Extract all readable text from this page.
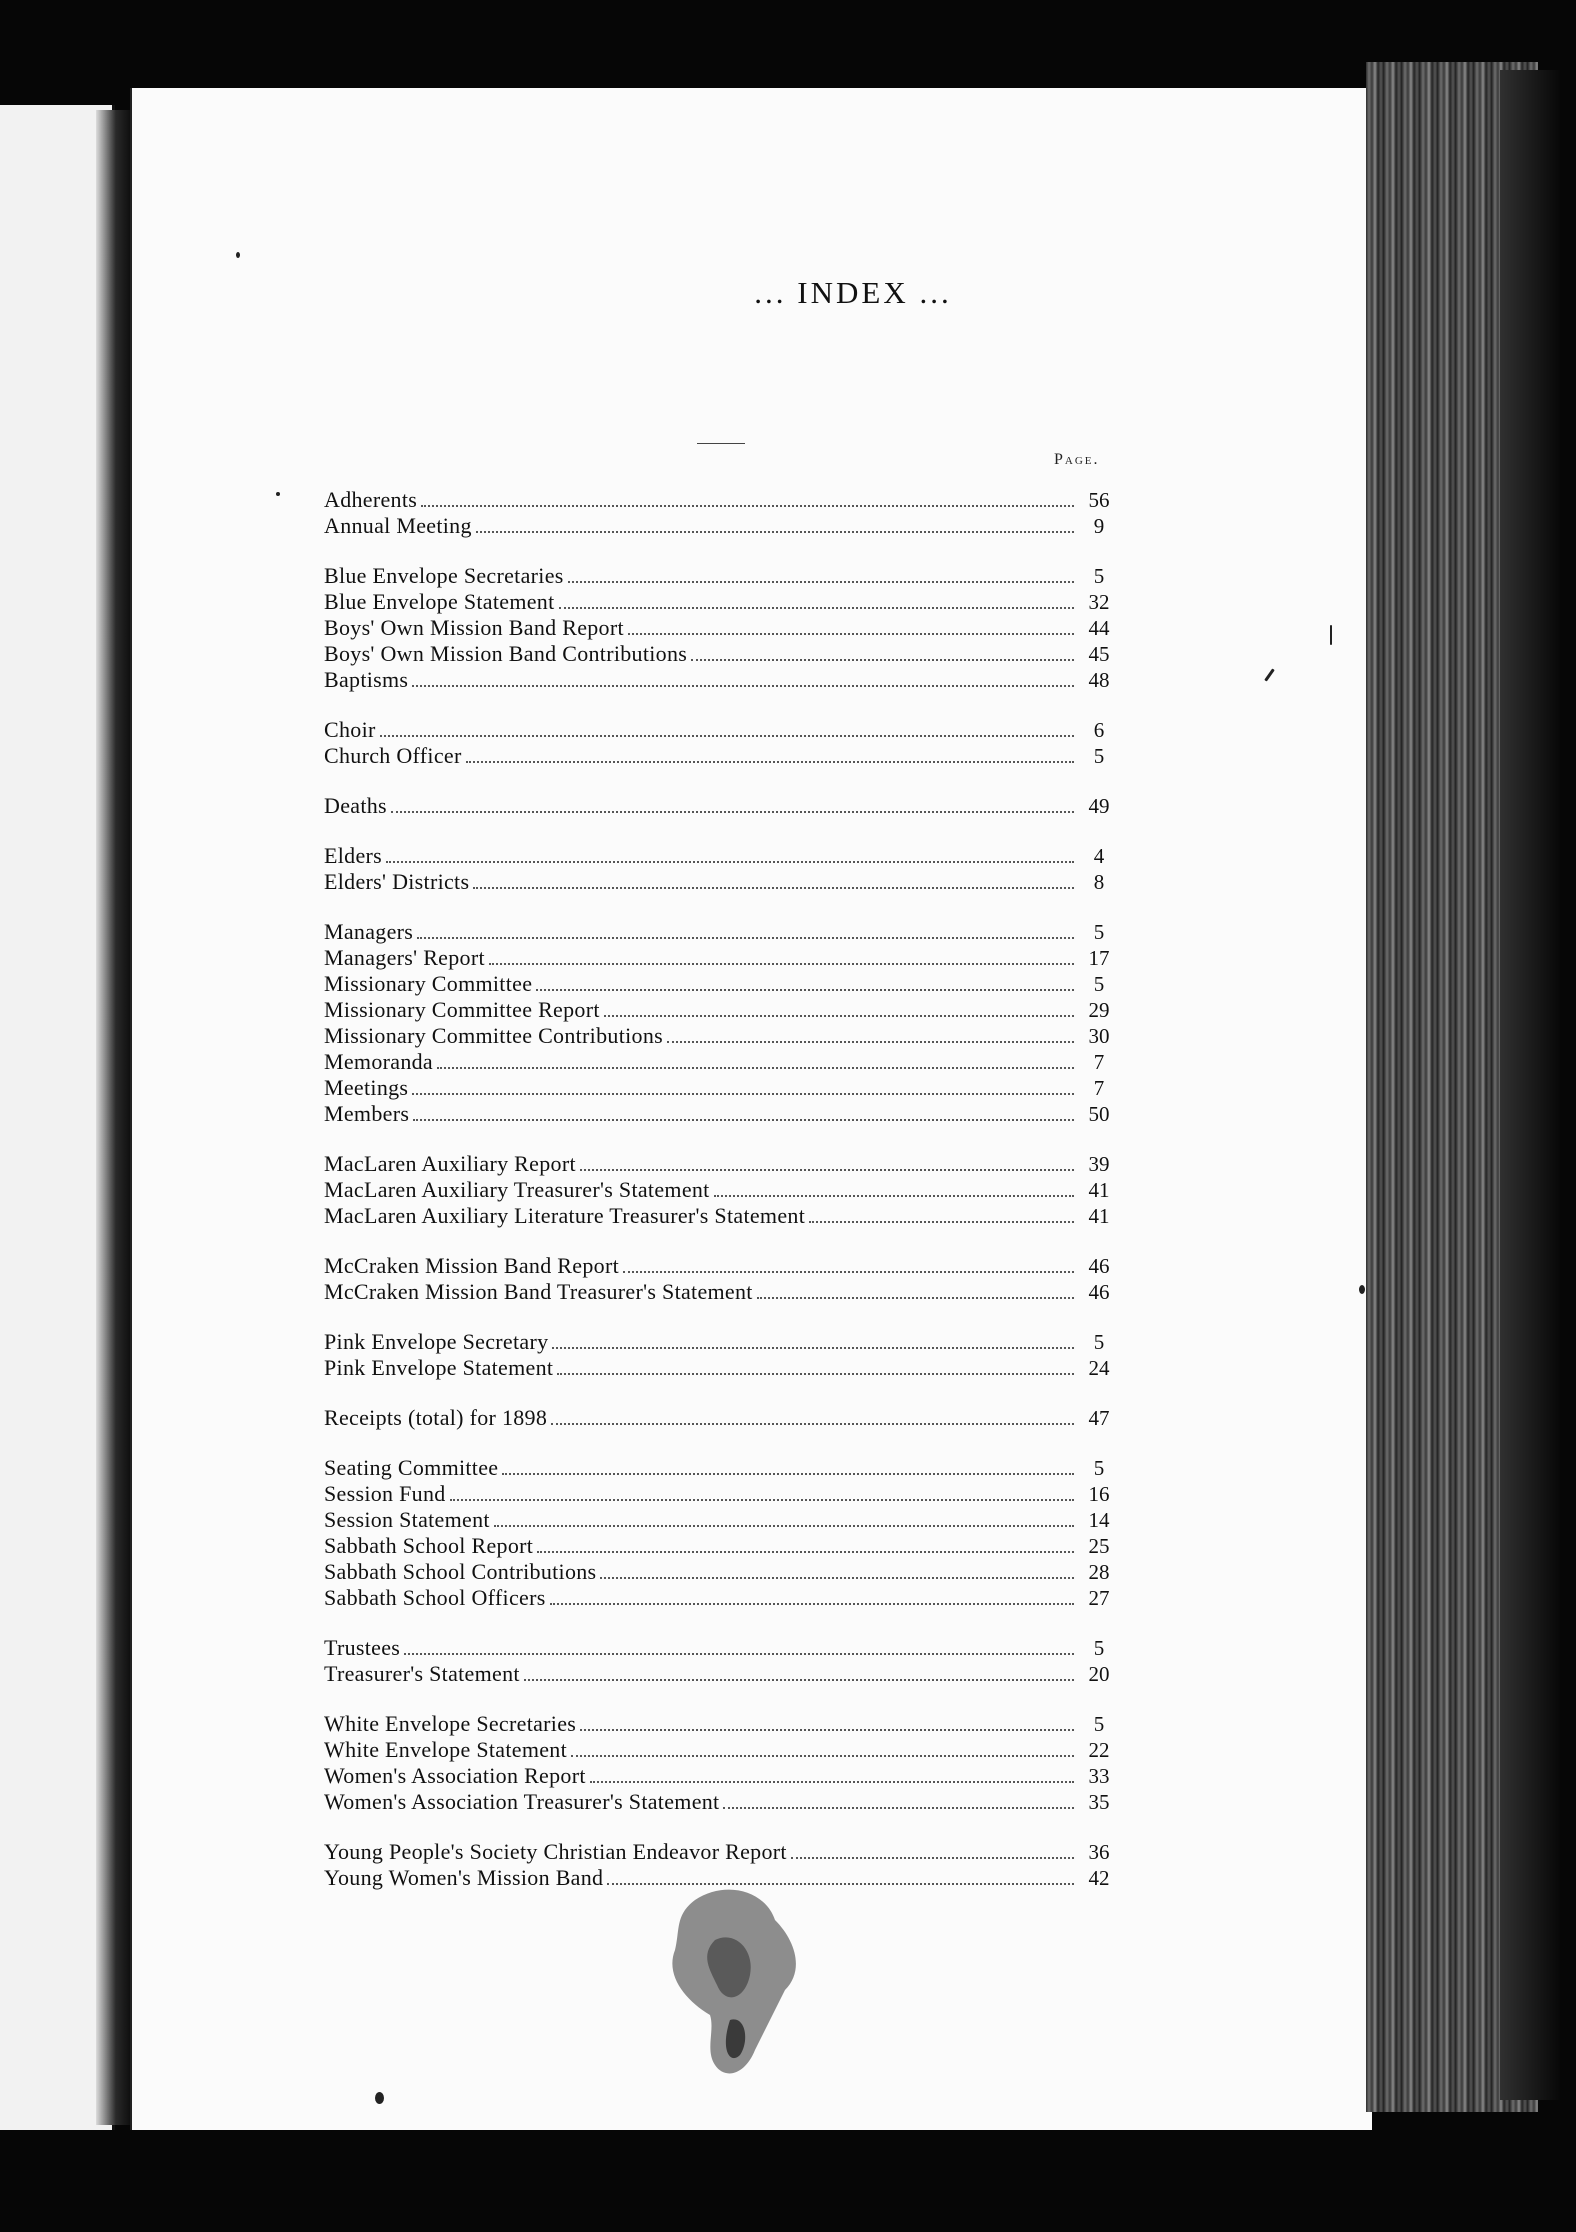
... INDEX ...
Page.
Adherents	56
Annual Meeting	9
Blue Envelope Secretaries	5
Blue Envelope Statement	32
Boys' Own Mission Band Report	44
Boys' Own Mission Band Contributions	45
Baptisms	48
Choir	6
Church Officer	5
Deaths	49
Elders	4
Elders' Districts	8
Managers	5
Managers' Report	17
Missionary Committee	5
Missionary Committee Report	29
Missionary Committee Contributions	30
Memoranda	7
Meetings	7
Members	50
MacLaren Auxiliary Report	39
MacLaren Auxiliary Treasurer's Statement	41
MacLaren Auxiliary Literature Treasurer's Statement	41
McCraken Mission Band Report	46
McCraken Mission Band Treasurer's Statement	46
Pink Envelope Secretary	5
Pink Envelope Statement	24
Receipts (total) for 1898	47
Seating Committee	5
Session Fund	16
Session Statement	14
Sabbath School Report	25
Sabbath School Contributions	28
Sabbath School Officers	27
Trustees	5
Treasurer's Statement	20
White Envelope Secretaries	5
White Envelope Statement	22
Women's Association Report	33
Women's Association Treasurer's Statement	35
Young People's Society Christian Endeavor Report	36
Young Women's Mission Band	42
